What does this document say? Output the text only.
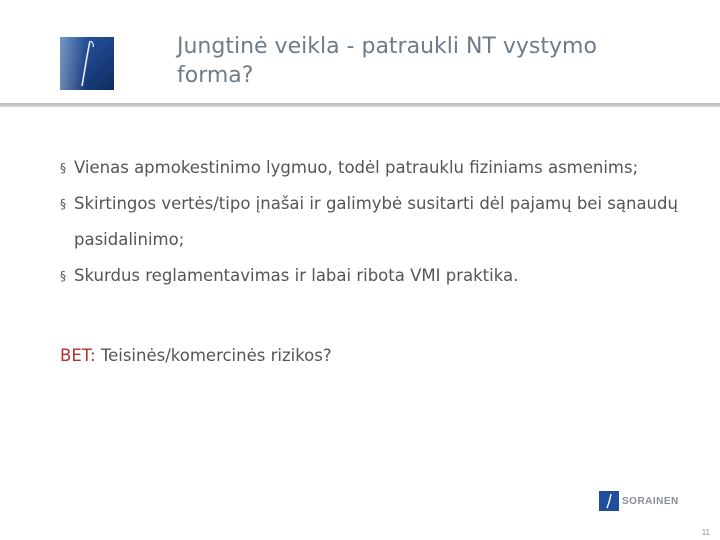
Jungtinė veikla - patraukli NT vystymo forma?

§ Vienas apmokestinimo lygmuo, todėl patrauklu fiziniams asmenims;

§ Skirtingos vertės/tipo įnašai ir galimybė susitarti dėl pajamų bei sąnaudų pasidalinimo;

§ Skurdus reglamentavimas ir labai ribota VMI praktika.

BET: Teisinės/komercinės rizikos?
SORAINEN
11
